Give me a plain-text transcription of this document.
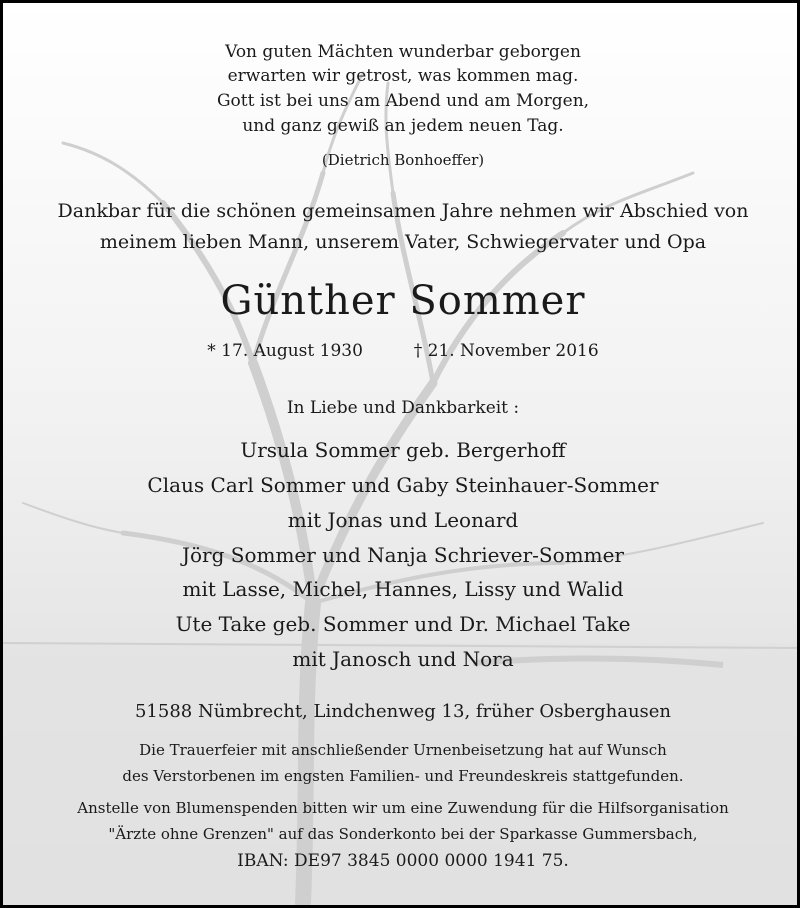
Von guten Mächten wunderbar geborgen
erwarten wir getrost, was kommen mag.
Gott ist bei uns am Abend und am Morgen,
und ganz gewiß an jedem neuen Tag.
(Dietrich Bonhoeffer)
Dankbar für die schönen gemeinsamen Jahre nehmen wir Abschied von
meinem lieben Mann, unserem Vater, Schwiegervater und Opa
Günther Sommer
* 17. August 1930	† 21. November 2016
In Liebe und Dankbarkeit :
Ursula Sommer geb. Bergerhoff
Claus Carl Sommer und Gaby Steinhauer-Sommer
mit Jonas und Leonard
Jörg Sommer und Nanja Schriever-Sommer
mit Lasse, Michel, Hannes, Lissy und Walid
Ute Take geb. Sommer und Dr. Michael Take
mit Janosch und Nora
51588 Nümbrecht, Lindchenweg 13, früher Osberghausen
Die Trauerfeier mit anschließender Urnenbeisetzung hat auf Wunsch
des Verstorbenen im engsten Familien- und Freundeskreis stattgefunden.
Anstelle von Blumenspenden bitten wir um eine Zuwendung für die Hilfsorganisation
"Ärzte ohne Grenzen" auf das Sonderkonto bei der Sparkasse Gummersbach,
IBAN: DE97 3845 0000 0000 1941 75.
